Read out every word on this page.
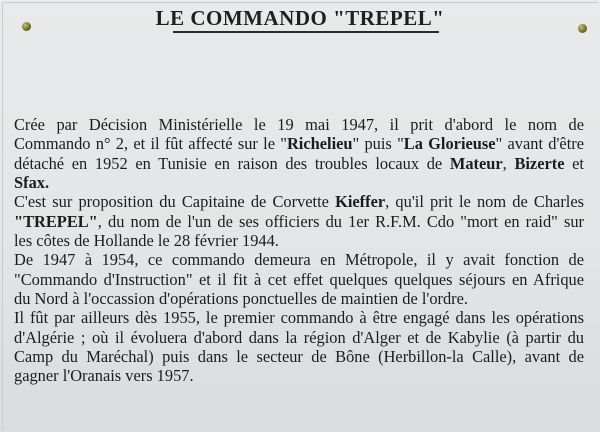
LE COMMANDO "TREPEL"
Crée par Décision Ministérielle le 19 mai 1947, il prit d'abord le nom de
Commando n° 2, et il fût affecté sur le "Richelieu" puis "La Glorieuse" avant d'être
détaché en 1952 en Tunisie en raison des troubles locaux de Mateur, Bizerte et
Sfax.
C'est sur proposition du Capitaine de Corvette Kieffer, qu'il prit le nom de Charles
"TREPEL", du nom de l'un de ses officiers du 1er R.F.M. Cdo "mort en raid" sur
les côtes de Hollande le 28 février 1944.
De 1947 à 1954, ce commando demeura en Métropole, il y avait fonction de
"Commando d'Instruction" et il fit à cet effet quelques quelques séjours en Afrique
du Nord à l'occassion d'opérations ponctuelles de maintien de l'ordre.
Il fût par ailleurs dès 1955, le premier commando à être engagé dans les opérations
d'Algérie ; où il évoluera d'abord dans la région d'Alger et de Kabylie (à partir du
Camp du Maréchal) puis dans le secteur de Bône (Herbillon-la Calle), avant de
gagner l'Oranais vers 1957.
